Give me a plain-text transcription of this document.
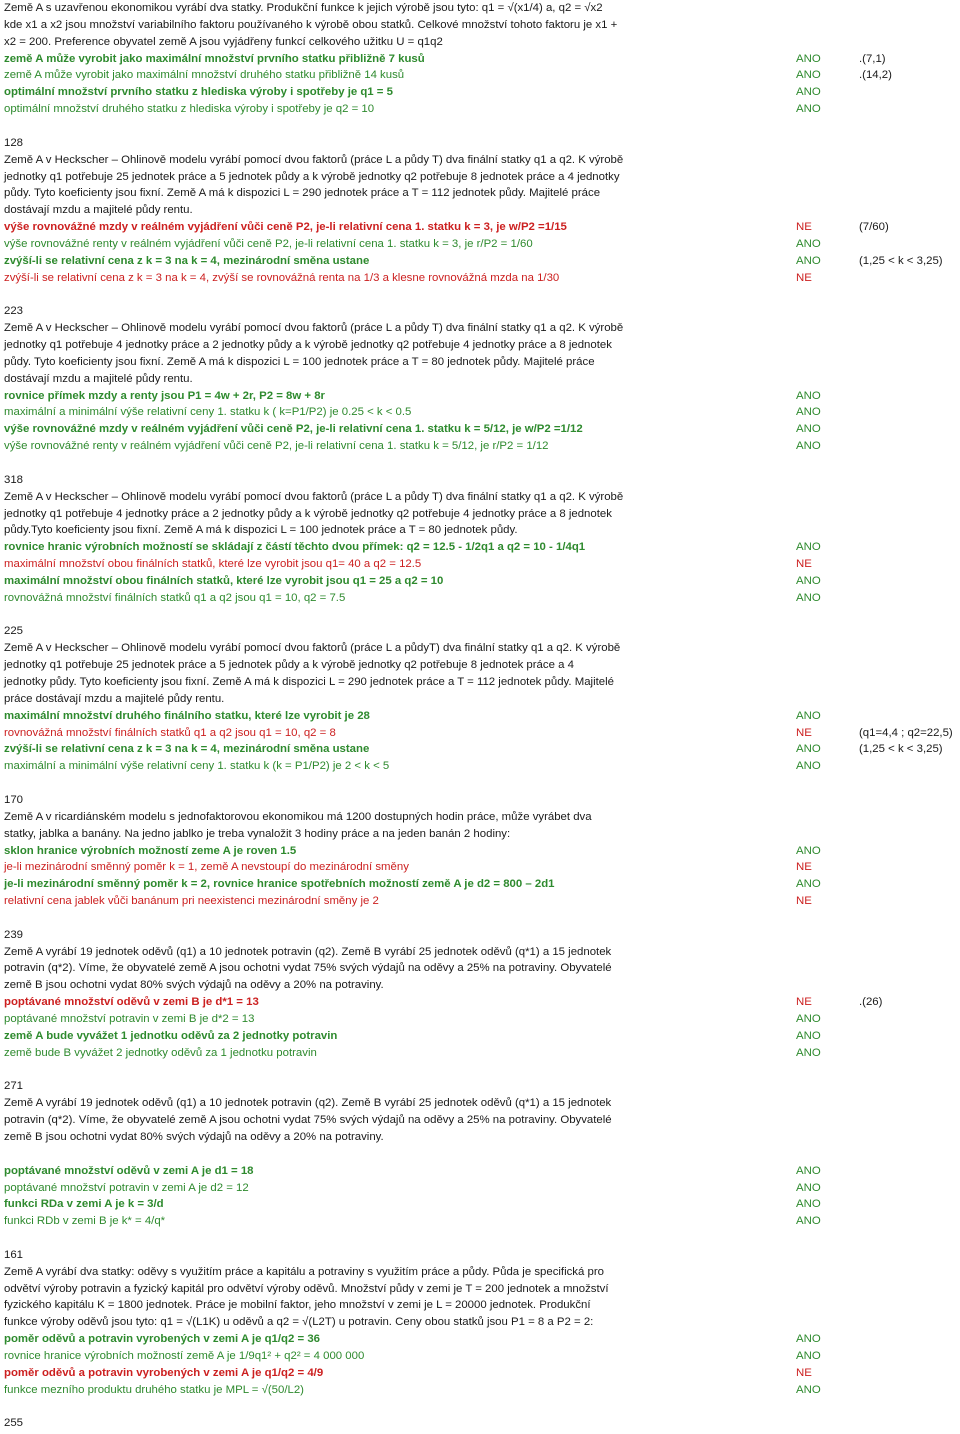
Země A s uzavřenou ekonomikou vyrábí dva statky. Produkční funkce k jejich výrobě jsou tyto: q1 = √(x1/4) a, q2 = √x2
kde x1 a x2 jsou množství variabilního faktoru používaného k výrobě obou statků. Celkové množství tohoto faktoru je x1 +
x2 = 200. Preference obyvatel země A jsou vyjádřeny funkcí celkového užitku U = q1q2
země A může vyrobit jako maximální množství prvního statku přibližně 7 kusů	ANO	.(7,1)
země A může vyrobit jako maximální množství druhého statku přibližně 14 kusů	ANO	.(14,2)
optimální množství prvního statku z hlediska výroby i spotřeby je q1 = 5	ANO
optimální množství druhého statku z hlediska výroby i spotřeby je q2 = 10	ANO
128
Země A v Heckscher – Ohlinově modelu vyrábí pomocí dvou faktorů (práce L a půdy T) dva finální statky q1 a q2. K výrobě
jednotky q1 potřebuje 25 jednotek práce a 5 jednotek půdy a k výrobě jednotky q2 potřebuje 8 jednotek práce a 4 jednotky
půdy. Tyto koeficienty jsou fixní. Země A má k dispozici L = 290 jednotek práce a T = 112 jednotek půdy. Majitelé práce
dostávají mzdu a majitelé půdy rentu.
výše rovnovážné mzdy v reálném vyjádření vůči ceně P2, je-li relativní cena 1. statku k = 3, je w/P2 =1/15	NE	(7/60)
výše rovnovážné renty v reálném vyjádření vůči ceně P2, je-li relativní cena 1. statku k = 3, je r/P2 = 1/60	ANO
zvýší-li se relativní cena z k = 3 na k = 4, mezinárodní směna ustane	ANO	(1,25 < k < 3,25)
zvýší-li se relativní cena z k = 3 na k = 4, zvýší se rovnovážná renta na 1/3 a klesne rovnovážná mzda na 1/30	NE
223
Země A v Heckscher – Ohlinově modelu vyrábí pomocí dvou faktorů (práce L a půdy T) dva finální statky q1 a q2. K výrobě
jednotky q1 potřebuje 4 jednotky práce a 2 jednotky půdy a k výrobě jednotky q2 potřebuje 4 jednotky práce a 8 jednotek
půdy. Tyto koeficienty jsou fixní. Země A má k dispozici L = 100 jednotek práce a T = 80 jednotek půdy. Majitelé práce
dostávají mzdu a majitelé půdy rentu.
rovnice přímek mzdy a renty jsou P1 = 4w + 2r, P2 = 8w + 8r	ANO
maximální a minimální výše relativní ceny 1. statku k ( k=P1/P2) je 0.25 < k < 0.5	ANO
výše rovnovážné mzdy v reálném vyjádření vůči ceně P2, je-li relativní cena 1. statku k = 5/12, je w/P2 =1/12	ANO
výše rovnovážné renty v reálném vyjádření vůči ceně P2, je-li relativní cena 1. statku k = 5/12, je r/P2 = 1/12	ANO
318
Země A v Heckscher – Ohlinově modelu vyrábí pomocí dvou faktorů (práce L a půdy T) dva finální statky q1 a q2. K výrobě
jednotky q1 potřebuje 4 jednotky práce a 2 jednotky půdy a k výrobě jednotky q2 potřebuje 4 jednotky práce a 8 jednotek
půdy.Tyto koeficienty jsou fixní. Země A má k dispozici L = 100 jednotek práce a T = 80 jednotek půdy.
rovnice hranic výrobních možností se skládají z částí těchto dvou přímek: q2 = 12.5 - 1/2q1 a q2 = 10 - 1/4q1	ANO
maximální množství obou finálních statků, které lze vyrobit jsou q1= 40 a q2 = 12.5	NE
maximální množství obou finálních statků, které lze vyrobit jsou q1 = 25 a q2 = 10	ANO
rovnovážná množství finálních statků q1 a q2 jsou q1 = 10, q2 = 7.5	ANO
225
Země A v Heckscher – Ohlinově modelu vyrábí pomocí dvou faktorů (práce L a půdyT) dva finální statky q1 a q2. K výrobě
jednotky q1 potřebuje 25 jednotek práce a 5 jednotek půdy a k výrobě jednotky q2 potřebuje 8 jednotek práce a 4
jednotky půdy. Tyto koeficienty jsou fixní. Země A má k dispozici L = 290 jednotek práce a T = 112 jednotek půdy. Majitelé
práce dostávají mzdu a majitelé půdy rentu.
maximální množství druhého finálního statku, které lze vyrobit je 28	ANO
rovnovážná množství finálních statků q1 a q2 jsou q1 = 10, q2 = 8	NE	(q1=4,4 ; q2=22,5)
zvýší-li se relativní cena z k = 3 na k = 4, mezinárodní směna ustane	ANO	(1,25 < k < 3,25)
maximální a minimální výše relativní ceny 1. statku k (k = P1/P2) je 2 < k < 5	ANO
170
Země A v ricardiánském modelu s jednofaktorovou ekonomikou má 1200 dostupných hodin práce, může vyrábet dva
statky, jablka a banány. Na jedno jablko je treba vynaložit 3 hodiny práce a na jeden banán 2 hodiny:
sklon hranice výrobních možností zeme A je roven 1.5	ANO
je-li mezinárodní směnný poměr k = 1, země A nevstoupí do mezinárodní směny	NE
je-li mezinárodní směnný poměr k = 2, rovnice hranice spotřebních možností země A je d2 = 800 – 2d1	ANO
relativní cena jablek vůči banánum pri neexistenci mezinárodní směny je 2	NE
239
Země A vyrábí 19 jednotek oděvů (q1) a 10 jednotek potravin (q2). Země B vyrábí 25 jednotek oděvů (q*1) a 15 jednotek
potravin (q*2). Víme, že obyvatelé země A jsou ochotni vydat 75% svých výdajů na oděvy a 25% na potraviny. Obyvatelé
země B jsou ochotni vydat 80% svých výdajů na oděvy a 20% na potraviny.
poptávané množství oděvů v zemi B je d*1 = 13	NE	.(26)
poptávané množství potravin v zemi B je d*2 = 13	ANO
země A bude vyvážet 1 jednotku oděvů za 2 jednotky potravin	ANO
země bude B vyvážet 2 jednotky oděvů za 1 jednotku potravin	ANO
271
Země A vyrábí 19 jednotek oděvů (q1) a 10 jednotek potravin (q2). Země B vyrábí 25 jednotek oděvů (q*1) a 15 jednotek
potravin (q*2). Víme, že obyvatelé země A jsou ochotni vydat 75% svých výdajů na oděvy a 25% na potraviny. Obyvatelé
země B jsou ochotni vydat 80% svých výdajů na oděvy a 20% na potraviny.
poptávané množství oděvů v zemi A je d1 = 18	ANO
poptávané množství potravin v zemi A je d2 = 12	ANO
funkci RDa v zemi A je k = 3/d	ANO
funkci RDb v zemi B je k* = 4/q*	ANO
161
Země A vyrábí dva statky: oděvy s využitím práce a kapitálu a potraviny s využitím práce a půdy. Půda je specifická pro
odvětví výroby potravin a fyzický kapitál pro odvětví výroby oděvů. Množství půdy v zemi je T = 200 jednotek a množství
fyzického kapitálu K = 1800 jednotek. Práce je mobilní faktor, jeho množství v zemi je L = 20000 jednotek. Produkční
funkce výroby oděvů jsou tyto: q1 = √(L1K) u oděvů a q2 = √(L2T) u potravin. Ceny obou statků jsou P1 = 8 a P2 = 2:
poměr oděvů a potravin vyrobených v zemi A je q1/q2 = 36	ANO
rovnice hranice výrobních možností země A je 1/9q1² + q2² = 4 000 000	ANO
poměr oděvů a potravin vyrobených v zemi A je q1/q2 = 4/9	NE
funkce mezního produktu druhého statku je MPL = √(50/L2)	ANO
255
